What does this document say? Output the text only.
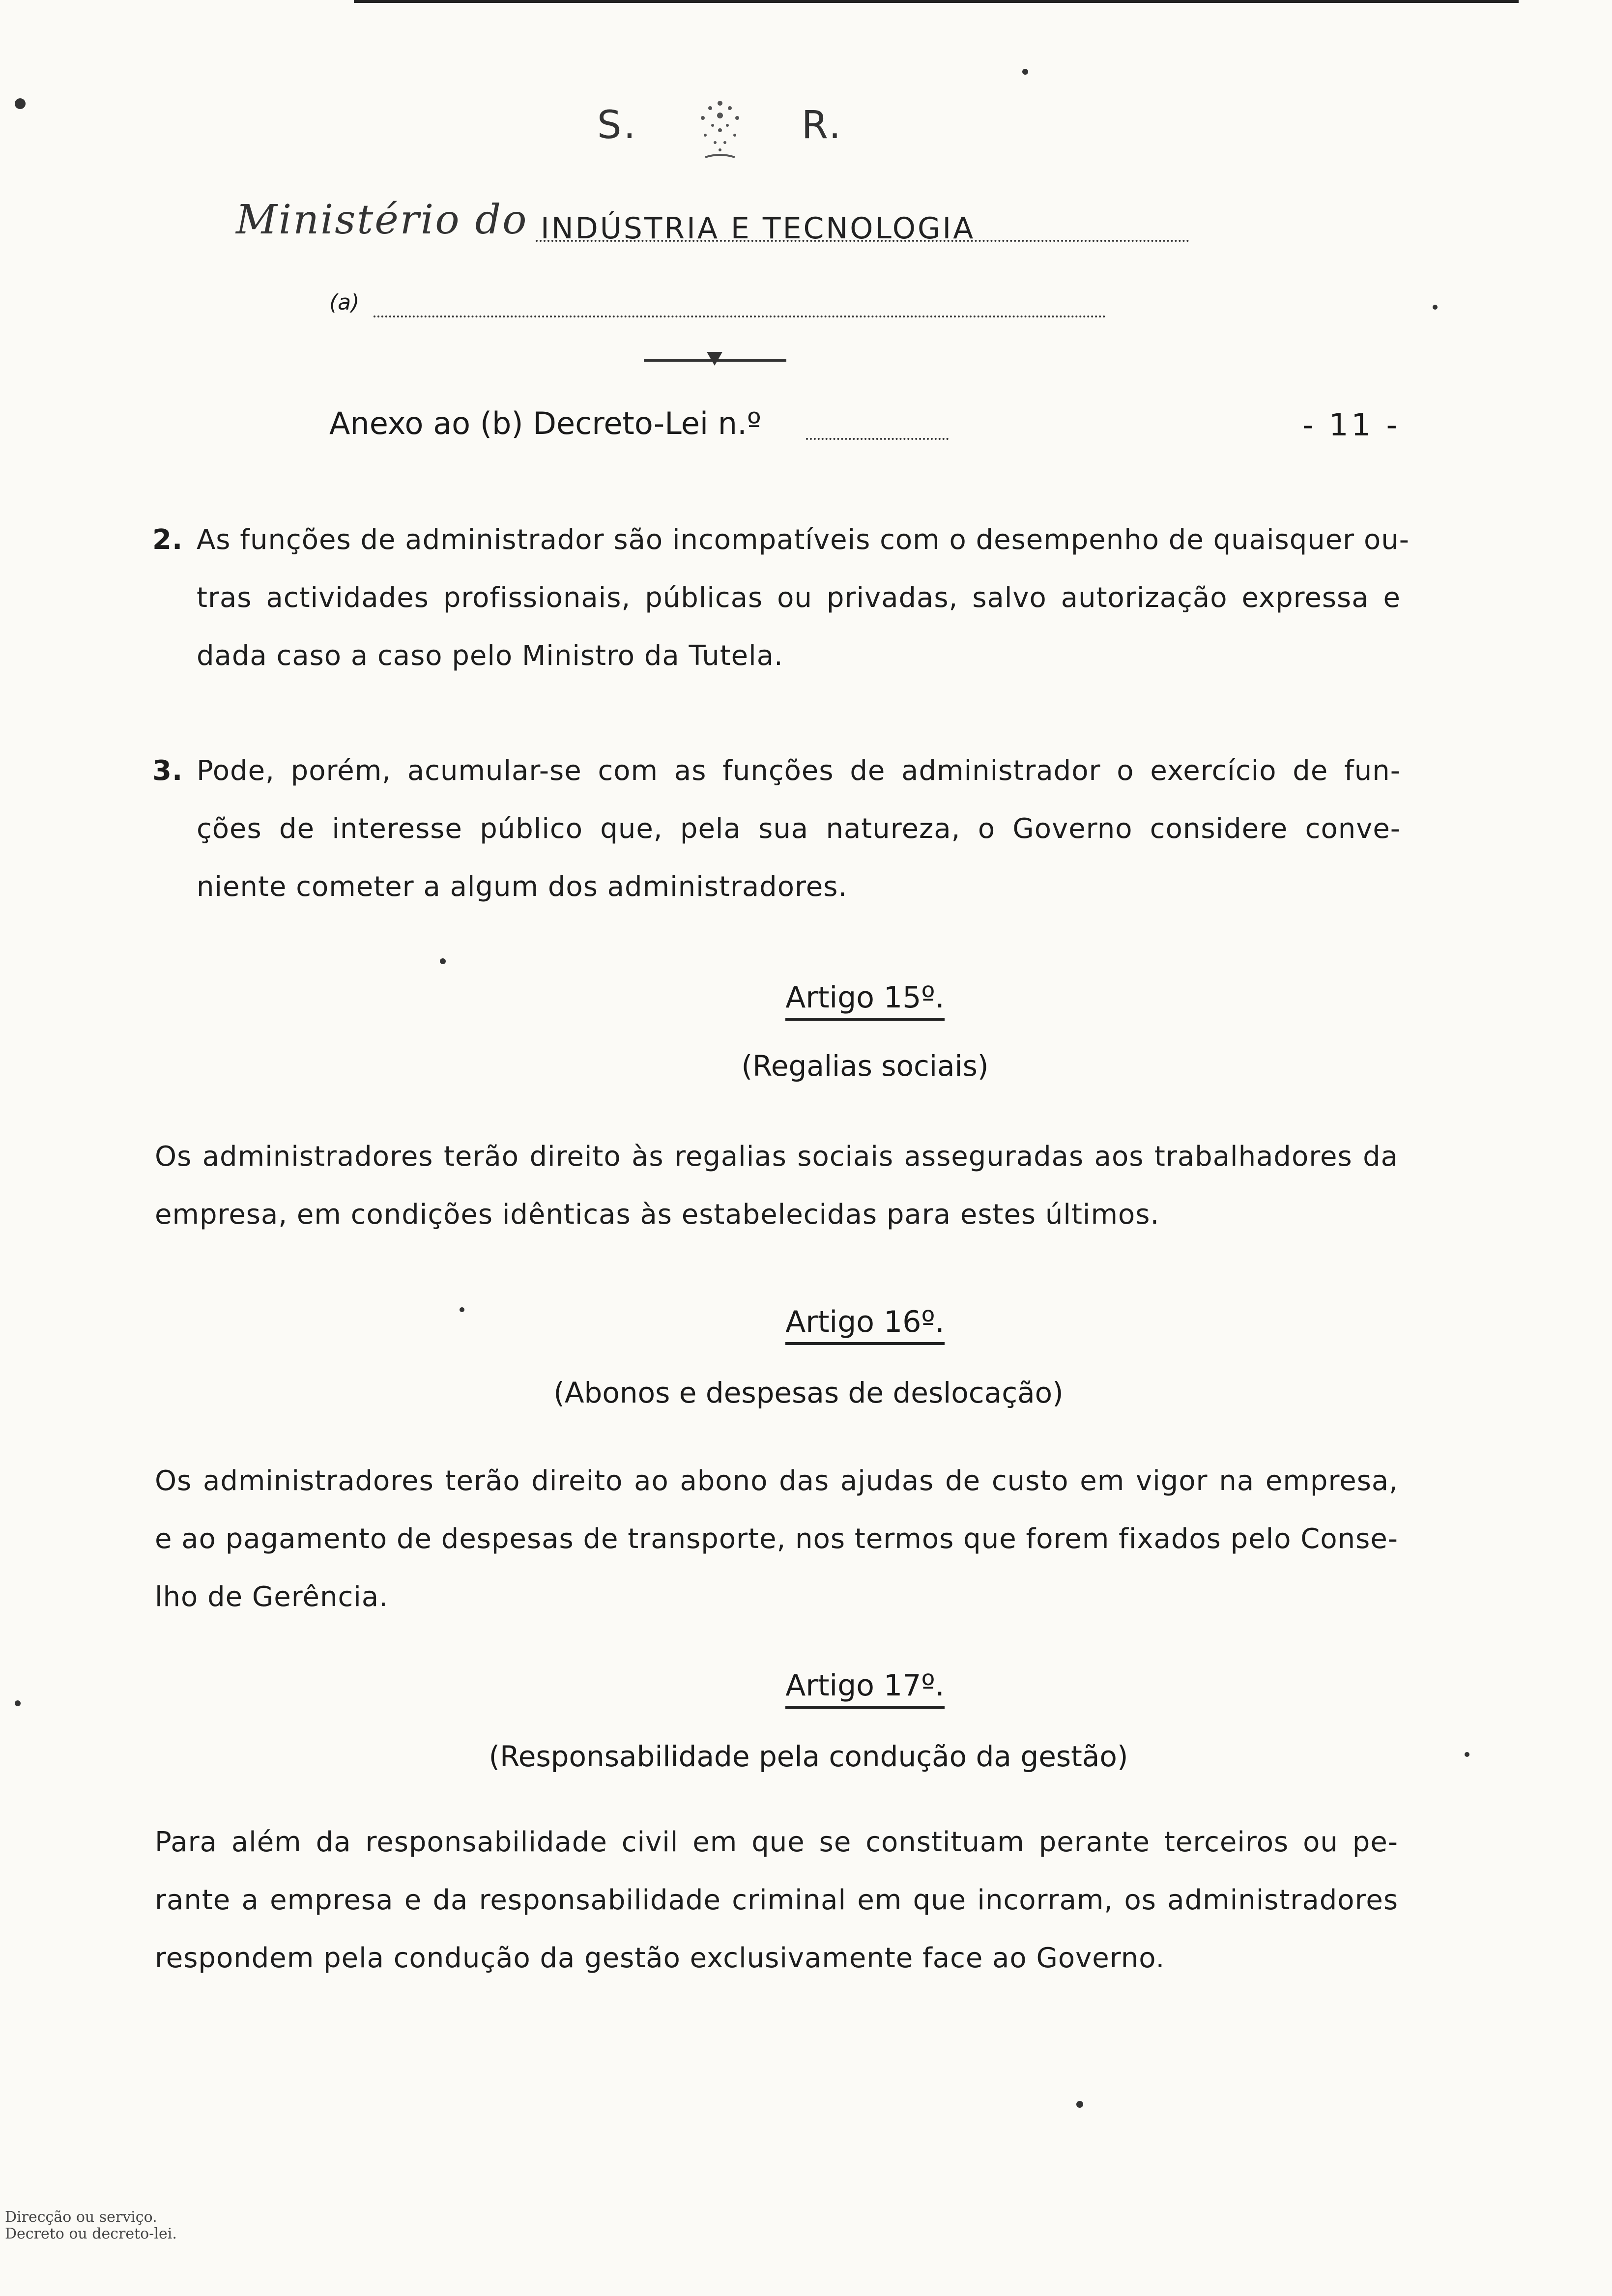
S.	R.
Ministério do INDÚSTRIA E TECNOLOGIA
(a)
Anexo ao (b) Decreto-Lei n.º	- 11 -
2. As funções de administrador são incompatíveis com o desempenho de quaisquer ou-
tras actividades profissionais, públicas ou privadas, salvo autorização expressa e
dada caso a caso pelo Ministro da Tutela.
3. Pode, porém, acumular-se com as funções de administrador o exercício de fun-
ções de interesse público que, pela sua natureza, o Governo considere conve-
niente cometer a algum dos administradores.
Artigo 15º.
(Regalias sociais)
Os administradores terão direito às regalias sociais asseguradas aos trabalhadores da
empresa, em condições idênticas às estabelecidas para estes últimos.
Artigo 16º.
(Abonos e despesas de deslocação)
Os administradores terão direito ao abono das ajudas de custo em vigor na empresa,
e ao pagamento de despesas de transporte, nos termos que forem fixados pelo Conse-
lho de Gerência.
Artigo 17º.
(Responsabilidade pela condução da gestão)
Para além da responsabilidade civil em que se constituam perante terceiros ou pe-
rante a empresa e da responsabilidade criminal em que incorram, os administradores
respondem pela condução da gestão exclusivamente face ao Governo.
Direcção ou serviço.
Decreto ou decreto-lei.
